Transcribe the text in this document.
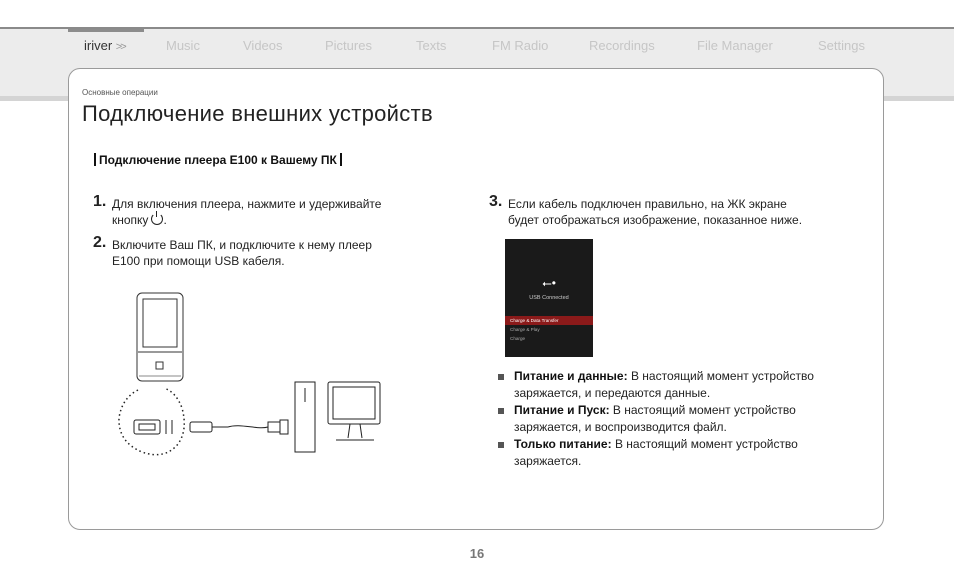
iriver >>	Music	Videos	Pictures	Texts	FM Radio	Recordings	File Manager	Settings
Основные операции
Подключение внешних устройств
Подключение плеера E100 к Вашему ПК
1. Для включения плеера, нажмите и удерживайте
кнопку .
2. Включите Ваш ПК, и подключите к нему плеер
E100 при помощи USB кабеля.
3. Если кабель подключен правильно, на ЖК экране
будет отображаться изображение, показанное ниже.
⭠•
USB Connected
Charge & Data Transfer
Charge & Play
Charge
Питание и данные: В настоящий момент устройство
заряжается, и передаются данные.
Питание и Пуск: В настоящий момент устройство
заряжается, и воспроизводится файл.
Только питание: В настоящий момент устройство
заряжается.
16
